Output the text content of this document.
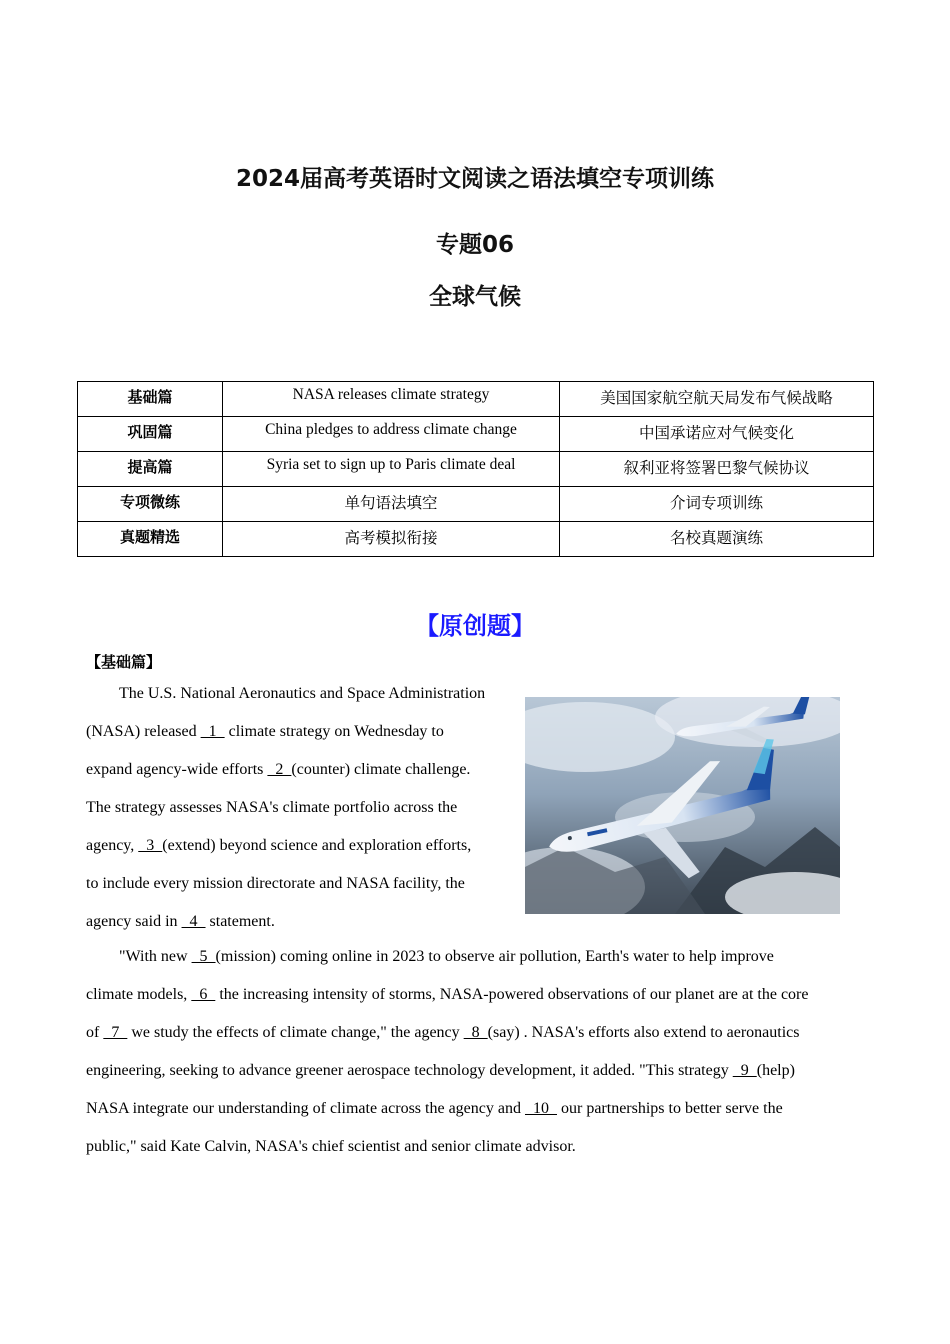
2024届高考英语时文阅读之语法填空专项训练
专题06
全球气候
基础篇	NASA releases climate strategy	美国国家航空航天局发布气候战略
巩固篇	China pledges to address climate change	中国承诺应对气候变化
提高篇	Syria set to sign up to Paris climate deal	叙利亚将签署巴黎气候协议
专项微练	单句语法填空	介词专项训练
真题精选	高考模拟衔接	名校真题演练
【原创题】
【基础篇】
The U.S. National Aeronautics and Space Administration
(NASA) released   1   climate strategy on Wednesday to
expand agency-wide efforts   2  (counter) climate challenge.
The strategy assesses NASA's climate portfolio across the
agency,   3  (extend) beyond science and exploration efforts,
to include every mission directorate and NASA facility, the
agency said in   4   statement.
"With new   5  (mission) coming online in 2023 to observe air pollution, Earth's water to help improve
climate models,   6   the increasing intensity of storms, NASA-powered observations of our planet are at the core
of   7   we study the effects of climate change," the agency   8  (say) . NASA's efforts also extend to aeronautics
engineering, seeking to advance greener aerospace technology development, it added. "This strategy   9  (help)
NASA integrate our understanding of climate across the agency and   10   our partnerships to better serve the
public," said Kate Calvin, NASA's chief scientist and senior climate advisor.
